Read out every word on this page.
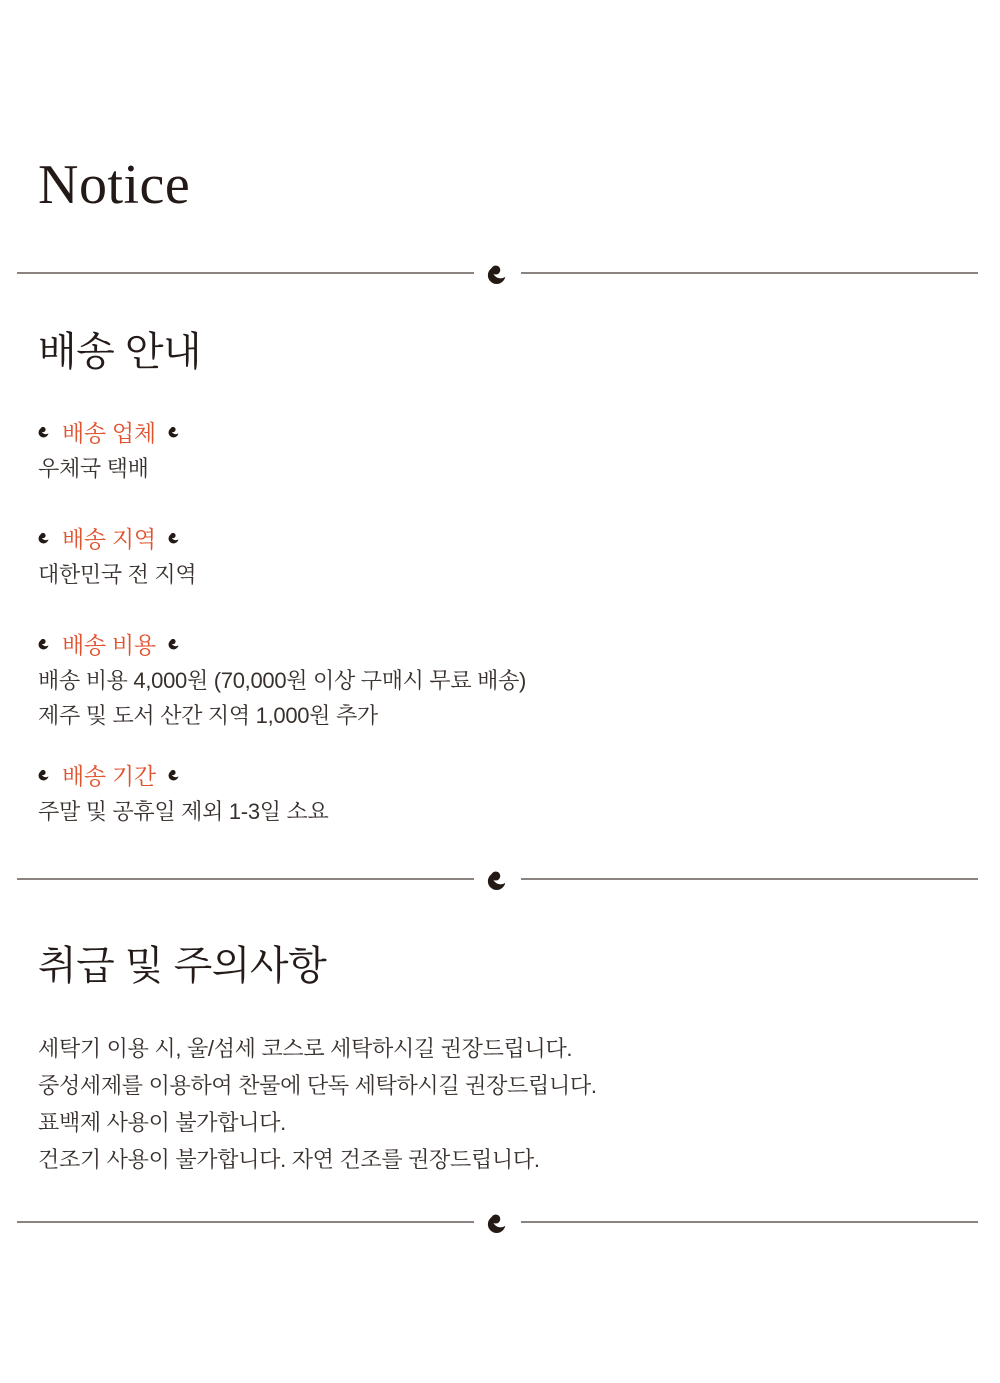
Notice
배송 안내
배송 업체
우체국 택배
배송 지역
대한민국 전 지역
배송 비용
배송 비용 4,000원 (70,000원 이상 구매시 무료 배송)
제주 및 도서 산간 지역 1,000원 추가
배송 기간
주말 및 공휴일 제외 1-3일 소요
취급 및 주의사항
세탁기 이용 시, 울/섬세 코스로 세탁하시길 권장드립니다.
중성세제를 이용하여 찬물에 단독 세탁하시길 권장드립니다.
표백제 사용이 불가합니다.
건조기 사용이 불가합니다. 자연 건조를 권장드립니다.
